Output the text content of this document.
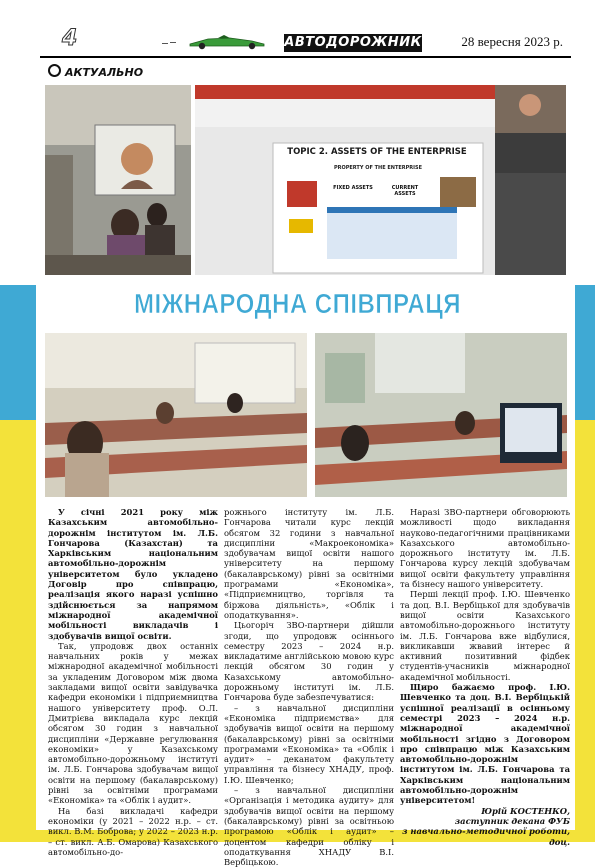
4	АВТОДОРОЖНИК	28 вересня 2023 р.
АКТУАЛЬНО
TOPIC 2. ASSETS OF THE ENTERPRISE
PROPERTY OF THE ENTERPRISE
FIXED ASSETS	CURRENT ASSETS
МІЖНАРОДНА СПІВПРАЦЯ

У січні 2021 року між Казахським автомобільно-дорожнім інститутом ім. Л.Б. Гончарова (Казахстан) та Харківським національним автомобільно-дорожнім університетом було укладено Договір про співпрацю, реалізація якого наразі успішно здійснюється за напрямом міжнародної академічної мобільності викладачів і здобувачів вищої освіти.

Так, упродовж двох останніх навчальних років у межах міжнародної академічної мобільності за укладеним Договором між двома закладами вищої освіти завідувачка кафедри економіки і підприємництва нашого університету проф. О.Л. Дмитрієва викладала курс лекцій обсягом 30 годин з навчальної дисципліни «Державне регулювання економіки» у Казахському автомобільно-дорожньому інституті ім. Л.Б. Гончарова здобувачам вищої освіти на першому (бакалаврському) рівні за освітніми програмами «Економіка» та «Облік і аудит».

На базі викладачі кафедри економіки (у 2021 – 2022 н.р. – ст. викл. В.М. Боброва; у 2022 – 2023 н.р. – ст. викл. А.Б. Омарова) Казахського автомобільно-до-

рожнього інституту ім. Л.Б. Гончарова читали курс лекцій обсягом 32 години з навчальної дисципліни «Макроекономіка» здобувачам вищої освіти нашого університету на першому (бакалаврському) рівні за освітніми програмами «Економіка», «Підприємництво, торгівля та біржова діяльність», «Облік і оподаткування».

Цьогоріч ЗВО-партнери дійшли згоди, що упродовж осіннього семестру 2023 – 2024 н.р. викладатиме англійською мовою курс лекцій обсягом 30 годин у Казахському автомобільно-дорожньому інституті ім. Л.Б. Гончарова буде забезпечуватися:

– з навчальної дисципліни «Економіка підприємства» для здобувачів вищої освіти на першому (бакалаврському) рівні за освітніми програмами «Економіка» та «Облік і аудит» – деканатом факультету управління та бізнесу ХНАДУ, проф. І.Ю. Шевченко;

– з навчальної дисципліни «Організація і методика аудиту» для здобувачів вищої освіти на першому (бакалаврському) рівні за освітньою програмою «Облік і аудит» – доцентом кафедри обліку і оподаткування ХНАДУ В.І. Вербіцькою.

Наразі ЗВО-партнери обговорюють можливості щодо викладання науково-педагогічними працівниками Казахського автомобільно-дорожнього інституту ім. Л.Б. Гончарова курсу лекцій здобувачам вищої освіти факультету управління та бізнесу нашого університету.

Перші лекції проф. І.Ю. Шевченко та доц. В.І. Вербіцької для здобувачів вищої освіти Казахського автомобільно-дорожнього інституту ім. Л.Б. Гончарова вже відбулися, викликавши жвавий інтерес й активний позитивний фідбек студентів-учасників міжнародної академічної мобільності.

Щиро бажаємо проф. І.Ю. Шевченко та доц. В.І. Вербіцькій успішної реалізації в осінньому семестрі 2023 – 2024 н.р. міжнародної академічної мобільності згідно з Договором про співпрацю між Казахським автомобільно-дорожнім інститутом ім. Л.Б. Гончарова та Харківським національним автомобільно-дорожнім університетом!

Юрій КОСТЕНКО,
заступник декана ФУБ
з навчально-методичної роботи,
доц.
